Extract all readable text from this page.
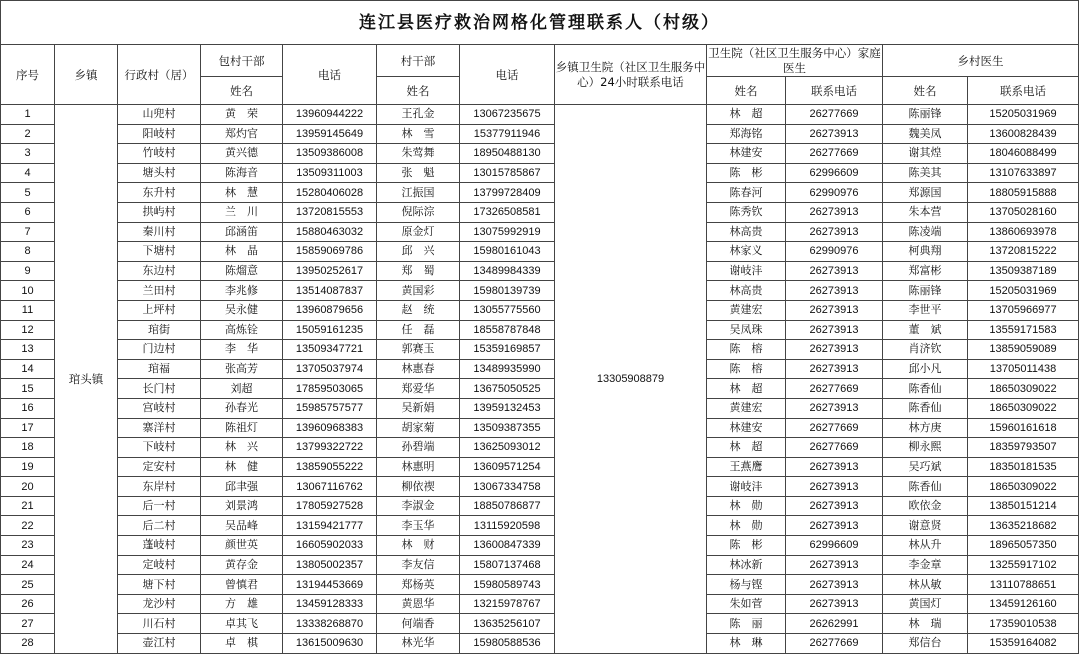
连江县医疗救治网格化管理联系人（村级）
序号	乡镇	行政村（居）	包村干部	电话	村干部	电话	乡镇卫生院（社区卫生服务中心）24小时联系电话	卫生院（社区卫生服务中心）家庭医生		乡村医生	
			姓名		姓名			姓名	联系电话	姓名	联系电话
1	琯头镇	山兜村	黄　荣	13960944222	王孔金	13067235675	13305908879	林　超	26277669	陈丽锋	15205031969
2		阳岐村	郑灼官	13959145649	林　雪	15377911946		郑海铭	26273913	魏美凤	13600828439
3		竹岐村	黄兴德	13509386008	朱莺舞	18950488130		林建安	26277669	谢其煌	18046088499
4		塘头村	陈海音	13509311003	张　魁	13015785867		陈　彬	62996609	陈美其	13107633897
5		东升村	林　慧	15280406028	江振国	13799728409		陈春河	62990976	郑源国	18805915888
6		拱屿村	兰　川	13720815553	倪际淙	17326508581		陈秀钦	26273913	朱本营	13705028160
7		秦川村	邱涵笛	15880463032	原金灯	13075992919		林高贵	26273913	陈凌端	13860693978
8		下塘村	林　晶	15859069786	邱　兴	15980161043		林家义	62990976	柯典翔	13720815222
9		东边村	陈熘意	13950252617	郑　蜀	13489984339		谢岐沣	26273913	郑富彬	13509387189
10		兰田村	李兆修	13514087837	黄国彩	15980139739		林高贵	26273913	陈丽锋	15205031969
11		上坪村	吴永健	13960879656	赵　统	13055775560		黄建宏	26273913	李世平	13705966977
12		琯街	高炼铨	15059161235	任　磊	18558787848		吴凤珠	26273913	董　斌	13559171583
13		门边村	李　华	13509347721	郭赛玉	15359169857		陈　榕	26273913	肖济钦	13859059089
14		琯福	张高芳	13705037974	林惠春	13489935990		陈　榕	26273913	邱小凡	13705011438
15		长门村	刘超	17859503065	郑爱华	13675050525		林　超	26277669	陈香仙	18650309022
16		宫岐村	孙春光	15985757577	吴新娟	13959132453		黄建宏	26273913	陈香仙	18650309022
17		寨洋村	陈祖灯	13960968383	胡家菊	13509387355		林建安	26277669	林方庚	15960161618
18		下岐村	林　兴	13799322722	孙碧端	13625093012		林　超	26277669	柳永熙	18359793507
19		定安村	林　健	13859055222	林惠明	13609571254		王燕鹰	26273913	吴巧斌	18350181535
20		东岸村	邱聿强	13067116762	柳依禊	13067334758		谢岐沣	26273913	陈香仙	18650309022
21		后一村	刘景鸿	17805927528	李淑金	18850786877		林　勋	26273913	欧依金	13850151214
22		后二村	吴品峰	13159421777	李玉华	13115920598		林　勋	26273913	谢意贤	13635218682
23		蓬岐村	颜世英	16605902033	林　财	13600847339		陈　彬	62996609	林从升	18965057350
24		定岐村	黄存金	13805002357	李友信	15807137468		林冰新	26273913	李金章	13255917102
25		塘下村	曾慎君	13194453669	郑杨英	15980589743		杨与铿	26273913	林从敏	13110788651
26		龙沙村	方　雄	13459128333	黄恩华	13215978767		朱如菅	26273913	黄国灯	13459126160
27		川石村	卓其飞	13338268870	何端香	13635256107		陈　丽	26262991	林　瑞	17359010538
28		壶江村	卓　棋	13615009630	林光华	15980588536		林　琳	26277669	郑信台	15359164082
